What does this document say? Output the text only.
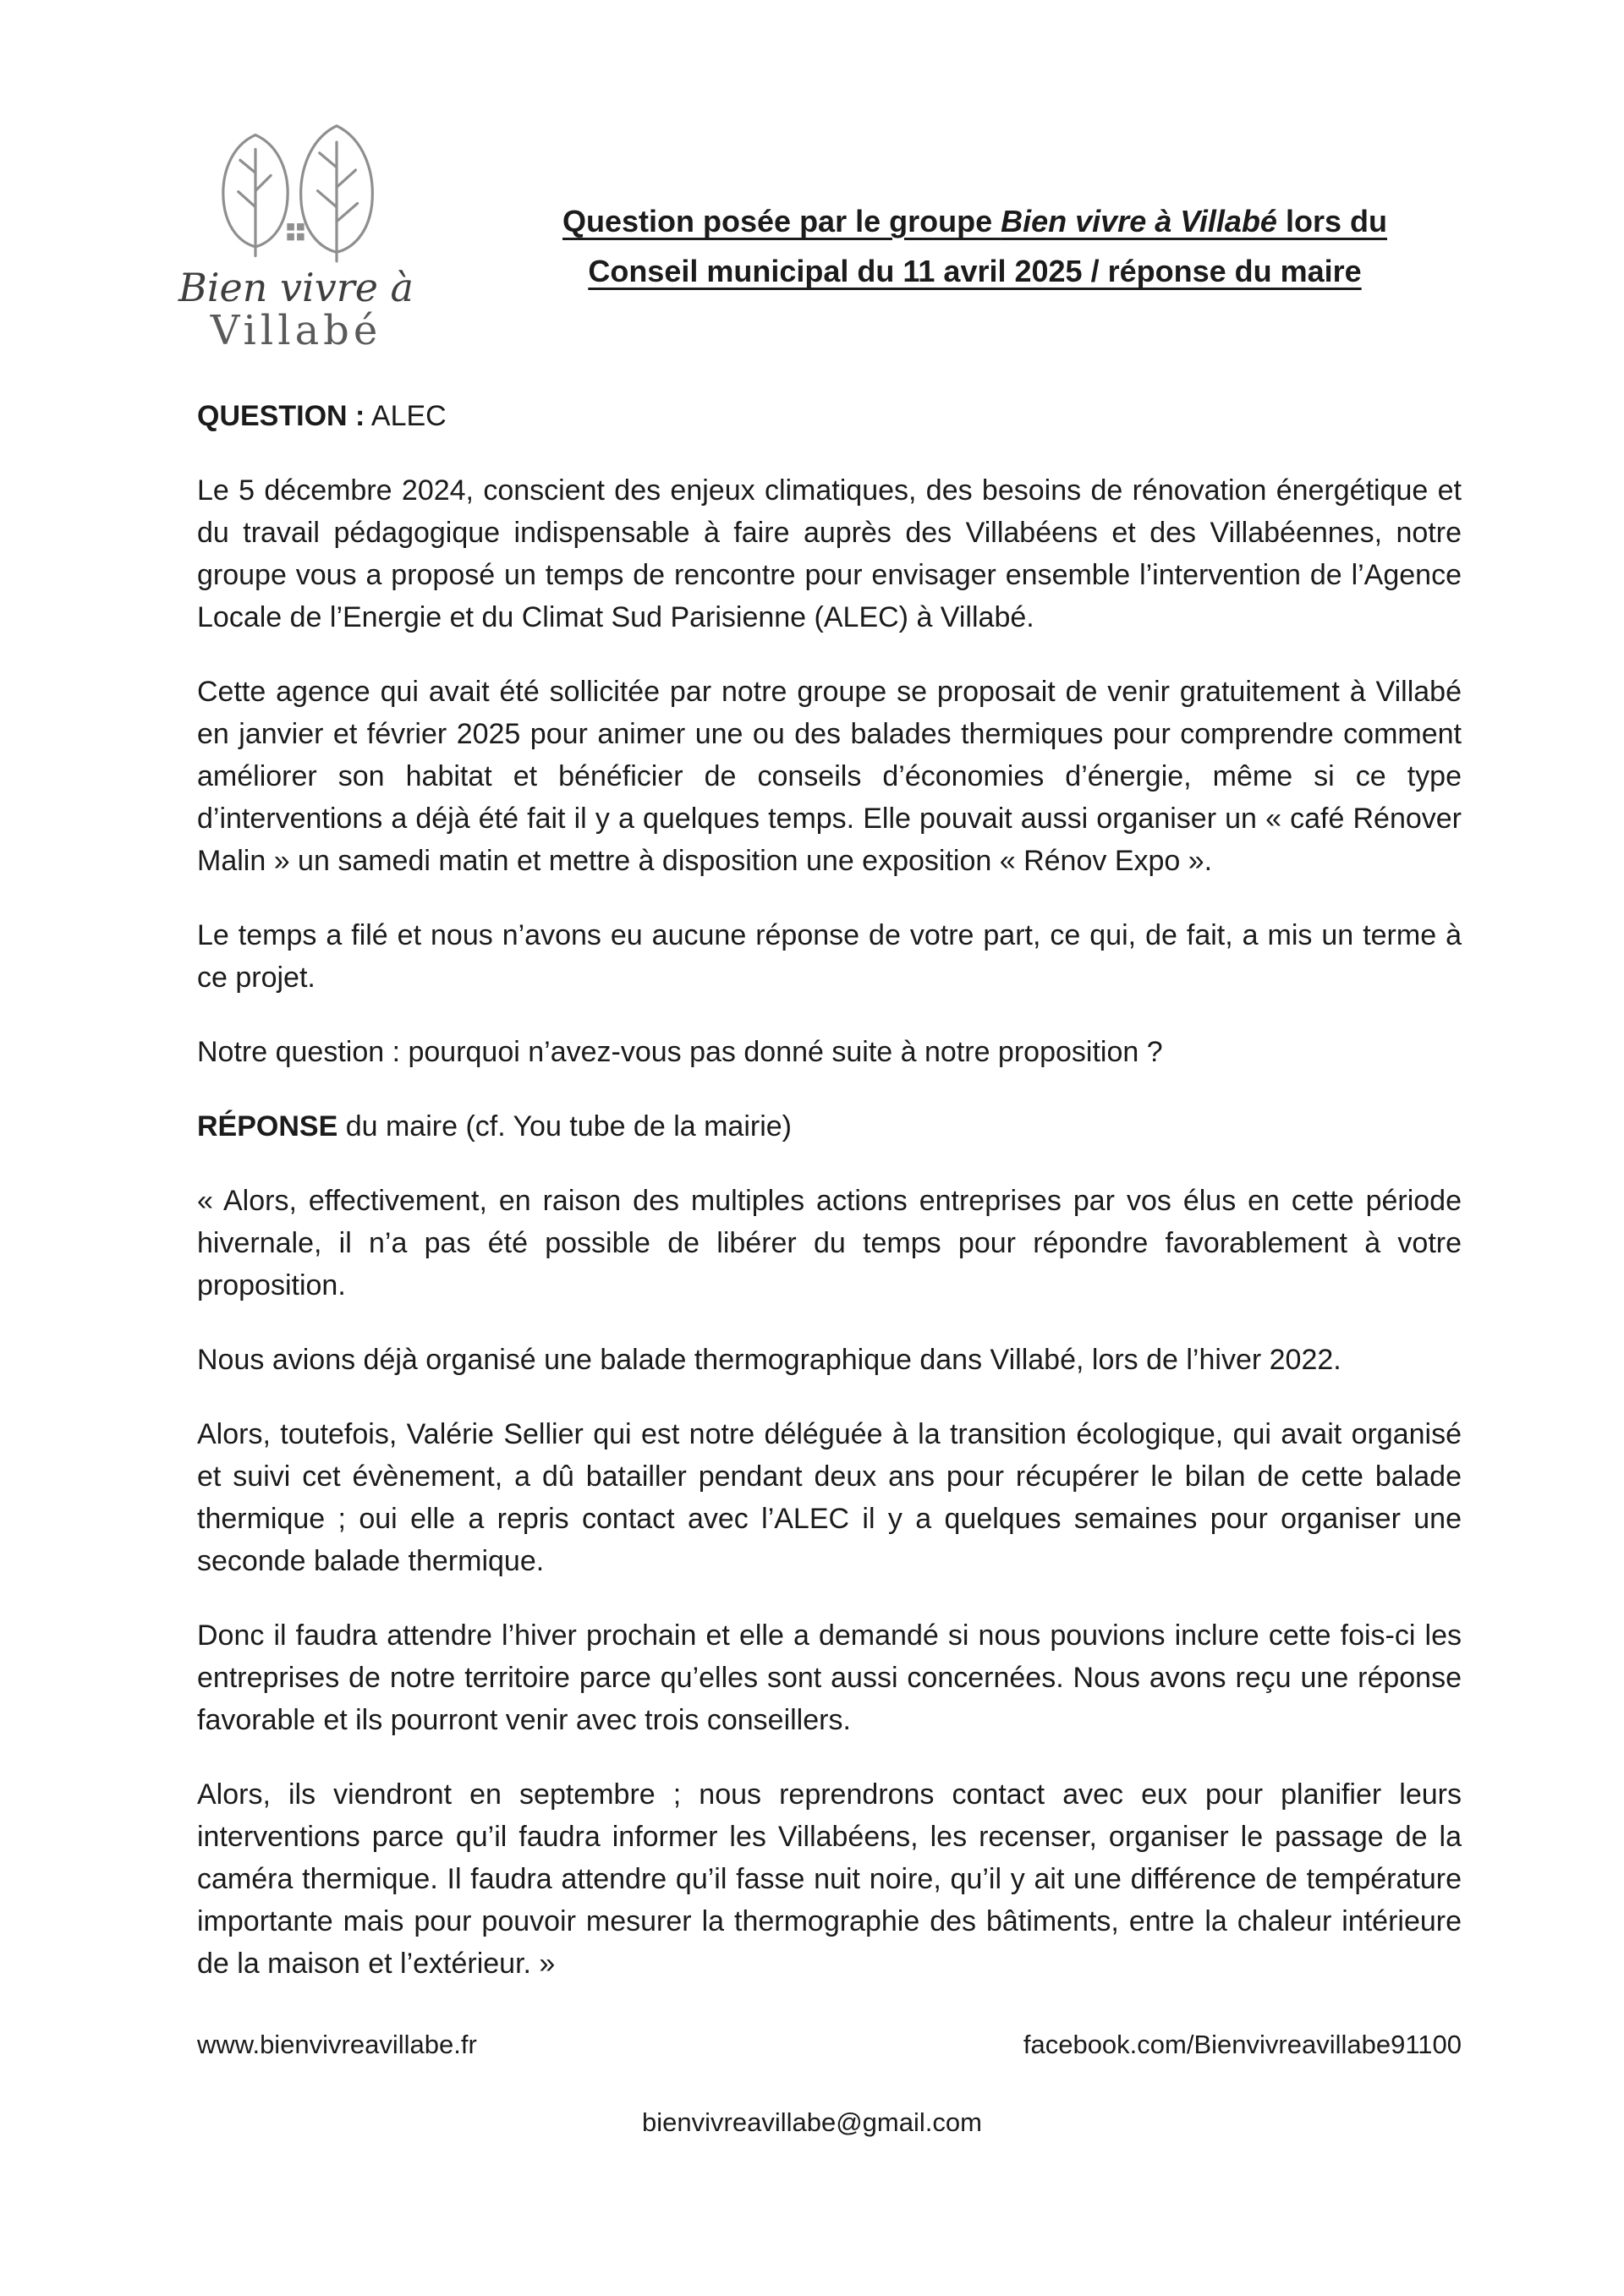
Bien vivre à
Villabé
Question posée par le groupe Bien vivre à Villabé lors du
Conseil municipal du 11 avril 2025 / réponse du maire
QUESTION : ALEC

Le 5 décembre 2024, conscient des enjeux climatiques, des besoins de rénovation énergétique et du travail pédagogique indispensable à faire auprès des Villabéens et des Villabéennes, notre groupe vous a proposé un temps de rencontre pour envisager ensemble l’intervention de l’Agence Locale de l’Energie et du Climat Sud Parisienne (ALEC) à Villabé.

Cette agence qui avait été sollicitée par notre groupe se proposait de venir gratuitement à Villabé en janvier et février 2025 pour animer une ou des balades thermiques pour comprendre comment améliorer son habitat et bénéficier de conseils d’économies d’énergie, même si ce type d’interventions a déjà été fait il y a quelques temps. Elle pouvait aussi organiser un « café Rénover Malin » un samedi matin et mettre à disposition une exposition « Rénov Expo ».

Le temps a filé et nous n’avons eu aucune réponse de votre part, ce qui, de fait, a mis un terme à ce projet.

Notre question : pourquoi n’avez-vous pas donné suite à notre proposition ?

RÉPONSE du maire (cf. You tube de la mairie)

« Alors, effectivement, en raison des multiples actions entreprises par vos élus en cette période hivernale, il n’a pas été possible de libérer du temps pour répondre favorablement à votre proposition.

Nous avions déjà organisé une balade thermographique dans Villabé, lors de l’hiver 2022.

Alors, toutefois, Valérie Sellier qui est notre déléguée à la transition écologique, qui avait organisé et suivi cet évènement, a dû batailler pendant deux ans pour récupérer le bilan de cette balade thermique ; oui elle a repris contact avec l’ALEC il y a quelques semaines pour organiser une seconde balade thermique.

Donc il faudra attendre l’hiver prochain et elle a demandé si nous pouvions inclure cette fois-ci les entreprises de notre territoire parce qu’elles sont aussi concernées. Nous avons reçu une réponse favorable et ils pourront venir avec trois conseillers.

Alors, ils viendront en septembre ; nous reprendrons contact avec eux pour planifier leurs interventions parce qu’il faudra informer les Villabéens, les recenser, organiser le passage de la caméra thermique. Il faudra attendre qu’il fasse nuit noire, qu’il y ait une différence de température importante mais pour pouvoir mesurer la thermographie des bâtiments, entre la chaleur intérieure de la maison et l’extérieur. »

www.bienvivreavillabe.fr	facebook.com/Bienvivreavillabe91100
bienvivreavillabe@gmail.com
